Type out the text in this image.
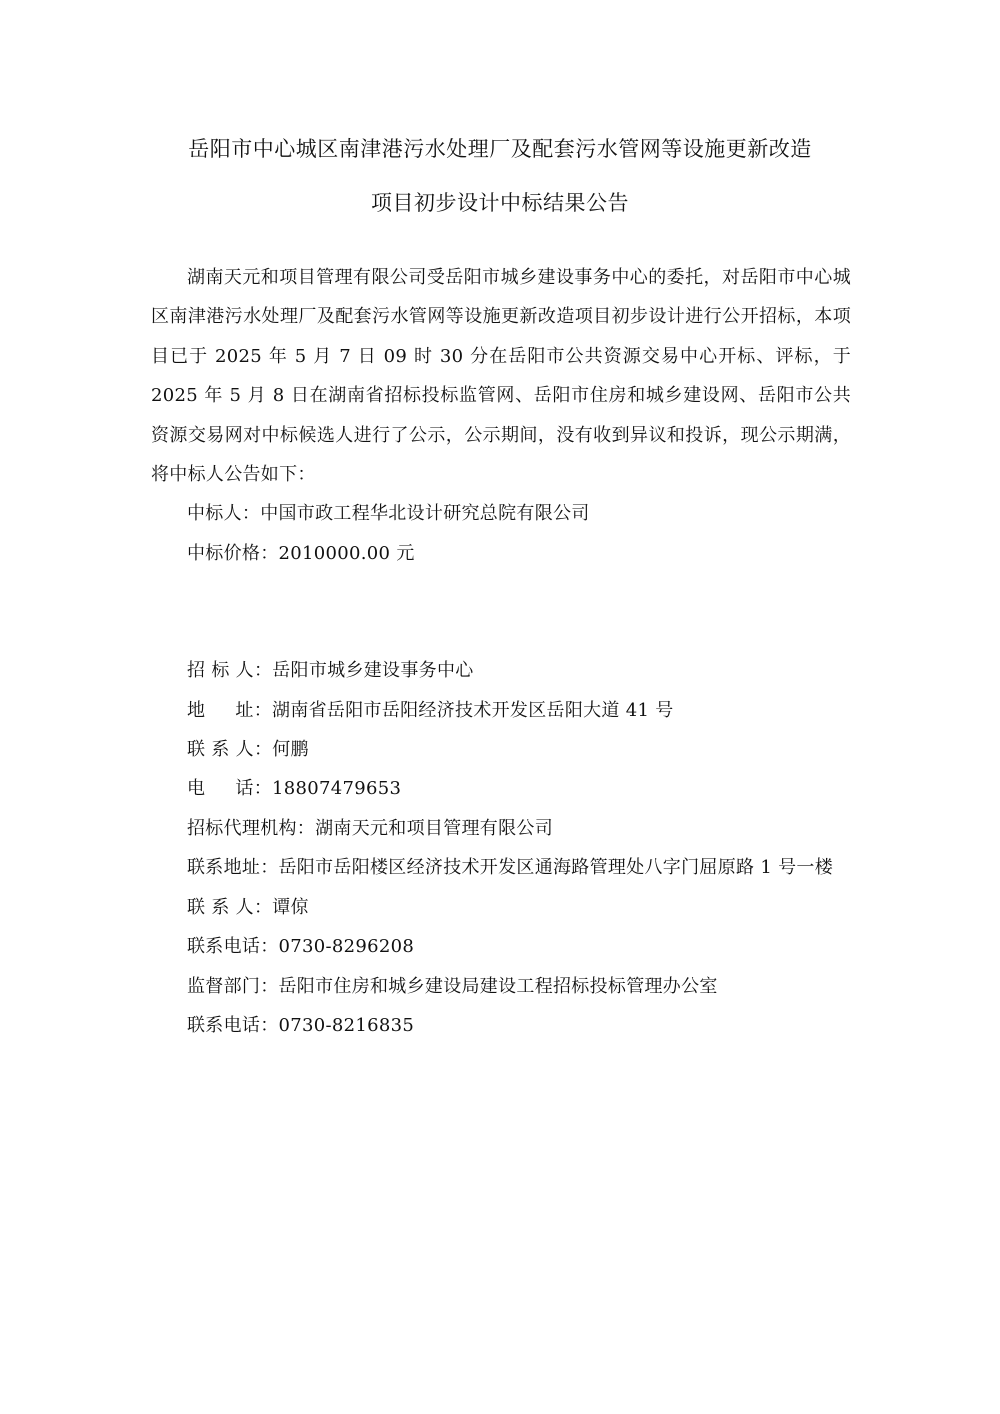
岳阳市中心城区南津港污水处理厂及配套污水管网等设施更新改造
项目初步设计中标结果公告

湖南天元和项目管理有限公司受岳阳市城乡建设事务中心的委托，对岳阳市中心城区南津港污水处理厂及配套污水管网等设施更新改造项目初步设计进行公开招标，本项目已于 2025 年 5 月 7 日 09 时 30 分在岳阳市公共资源交易中心开标、评标，于 2025 年 5 月 8 日在湖南省招标投标监管网、岳阳市住房和城乡建设网、岳阳市公共资源交易网对中标候选人进行了公示，公示期间，没有收到异议和投诉，现公示期满，将中标人公告如下：

中标人：中国市政工程华北设计研究总院有限公司

中标价格：2010000.00 元

招 标 人：岳阳市城乡建设事务中心

地     址：湖南省岳阳市岳阳经济技术开发区岳阳大道 41 号

联 系 人：何鹏

电     话：18807479653

招标代理机构：湖南天元和项目管理有限公司

联系地址：岳阳市岳阳楼区经济技术开发区通海路管理处八字门屈原路 1 号一楼

联 系 人：谭倞

联系电话：0730-8296208

监督部门：岳阳市住房和城乡建设局建设工程招标投标管理办公室

联系电话：0730-8216835
